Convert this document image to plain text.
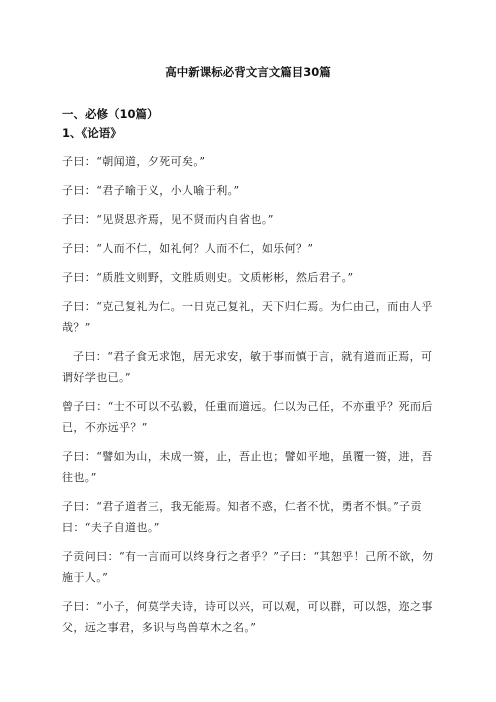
高中新课标必背文言文篇目30篇
一、必修（10篇）
1、《论语》
子曰：“朝闻道，夕死可矣。”
子曰：“君子喻于义，小人喻于利。”
子曰：“见贤思齐焉，见不贤而内自省也。”
子曰：“人而不仁，如礼何？人而不仁，如乐何？”
子曰：“质胜文则野，文胜质则史。文质彬彬，然后君子。”
子曰：“克己复礼为仁。一日克己复礼，天下归仁焉。为仁由己，而由人乎哉？”
子曰：“君子食无求饱，居无求安，敏于事而慎于言，就有道而正焉，可谓好学也已。”
曾子曰：“士不可以不弘毅，任重而道远。仁以为己任，不亦重乎？死而后已，不亦远乎？”
子曰：“譬如为山，未成一篑，止，吾止也；譬如平地，虽覆一篑，进，吾往也。”
子曰：“君子道者三，我无能焉。知者不惑，仁者不忧，勇者不惧。”子贡曰：“夫子自道也。”
子贡问曰：“有一言而可以终身行之者乎？”子曰：“其恕乎！己所不欲，勿施于人。”
子曰：“小子，何莫学夫诗，诗可以兴，可以观，可以群，可以怨，迩之事父，远之事君，多识与鸟兽草木之名。”
